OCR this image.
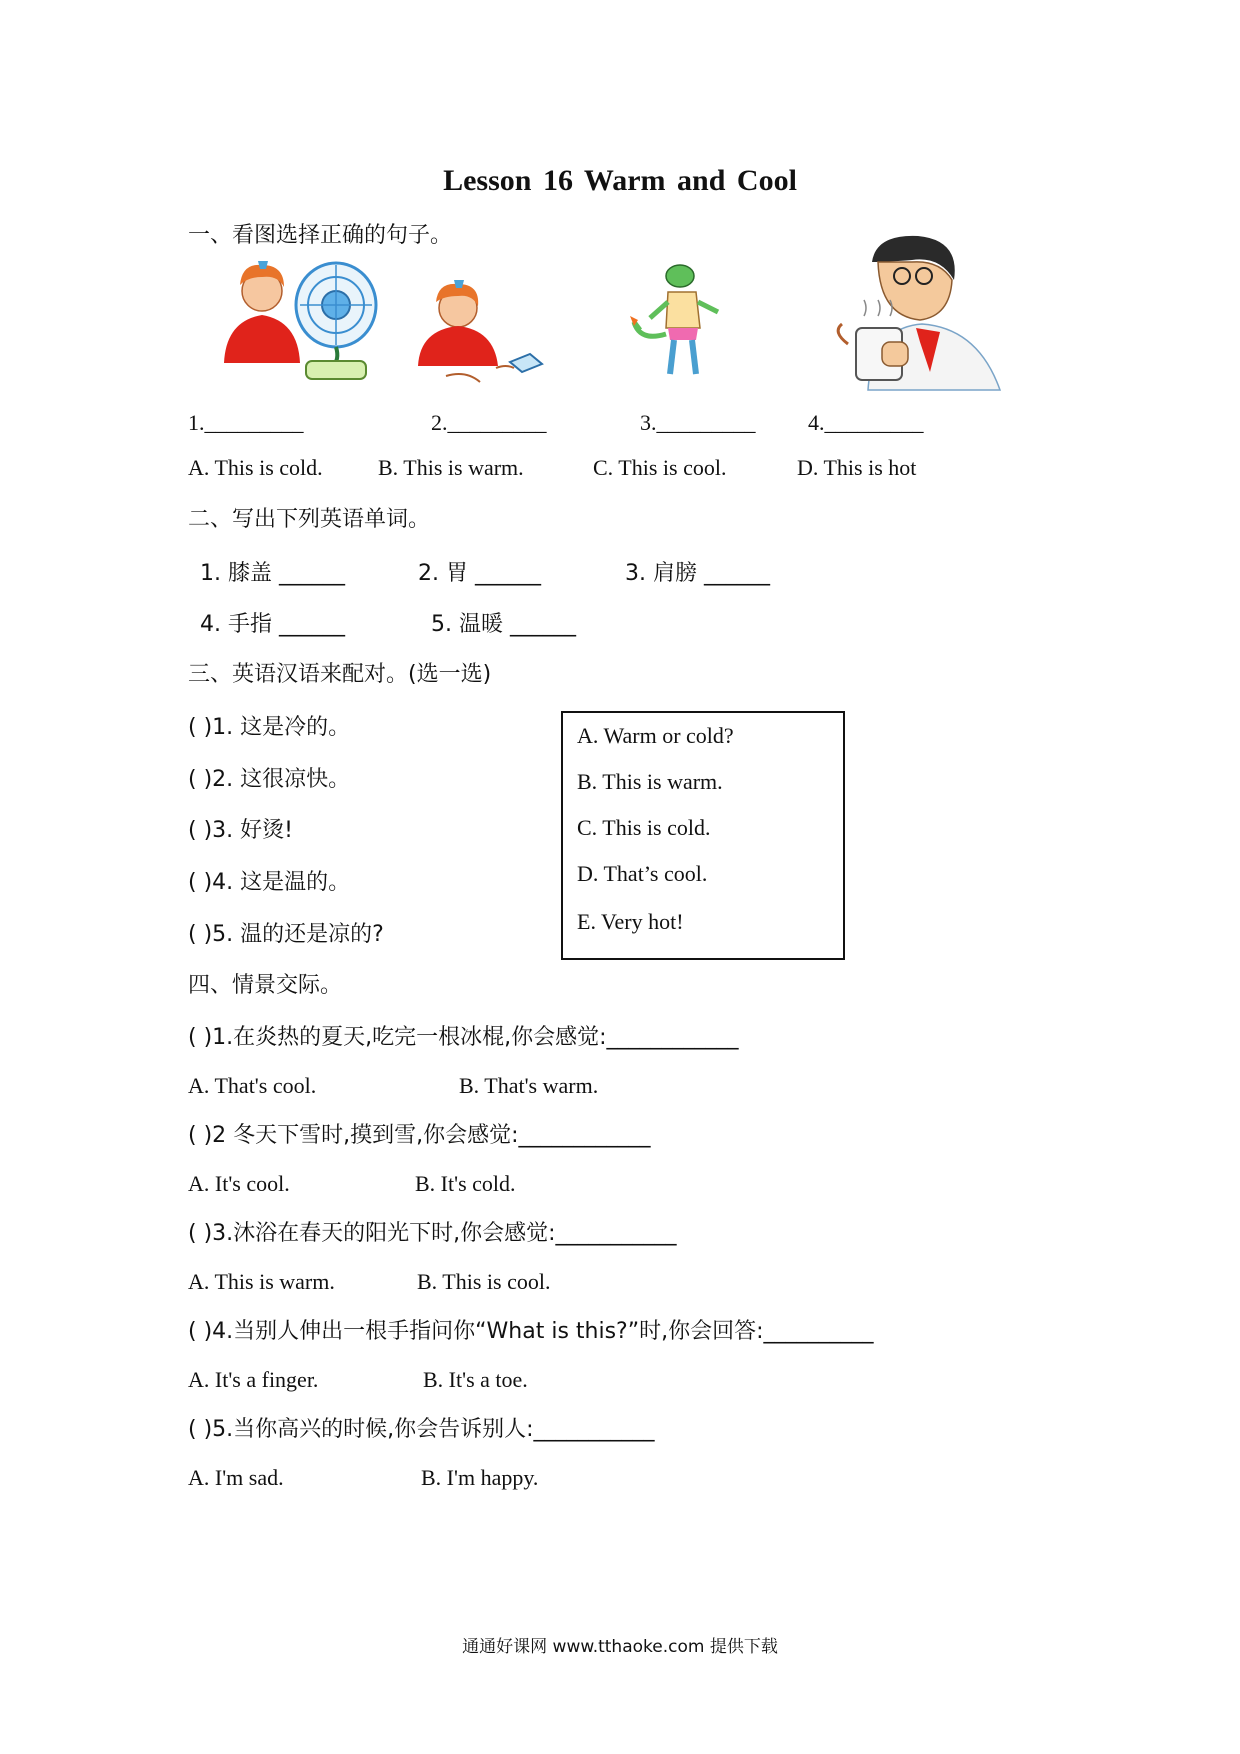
Lesson 16 Warm and Cool
一、看图选择正确的句子。
1._________	2._________	3._________ 4._________
A. This is cold.	B. This is warm.	C. This is cool.	D. This is hot
二、写出下列英语单词。
1. 膝盖 ______	2. 胃 ______	3. 肩膀 ______
4. 手指 ______	5. 温暖 ______
三、英语汉语来配对。(选一选)
( )1. 这是冷的。
( )2. 这很凉快。
( )3. 好烫!
( )4. 这是温的。
( )5. 温的还是凉的?
A. Warm or cold?
B. This is warm.
C. This is cold.
D. That’s cool.
E. Very hot!
四、情景交际。
( )1.在炎热的夏天,吃完一根冰棍,你会感觉:____________
A. That's cool.	B. That's warm.
( )2 冬天下雪时,摸到雪,你会感觉:____________
A. It's cool.	B. It's cold.
( )3.沐浴在春天的阳光下时,你会感觉:___________
A. This is warm.	B. This is cool.
( )4.当别人伸出一根手指问你“What is this?”时,你会回答:__________
A. It's a finger.	B. It's a toe.
( )5.当你高兴的时候,你会告诉别人:___________
A. I'm sad.	B. I'm happy.
通通好课网 www.tthaoke.com 提供下载
